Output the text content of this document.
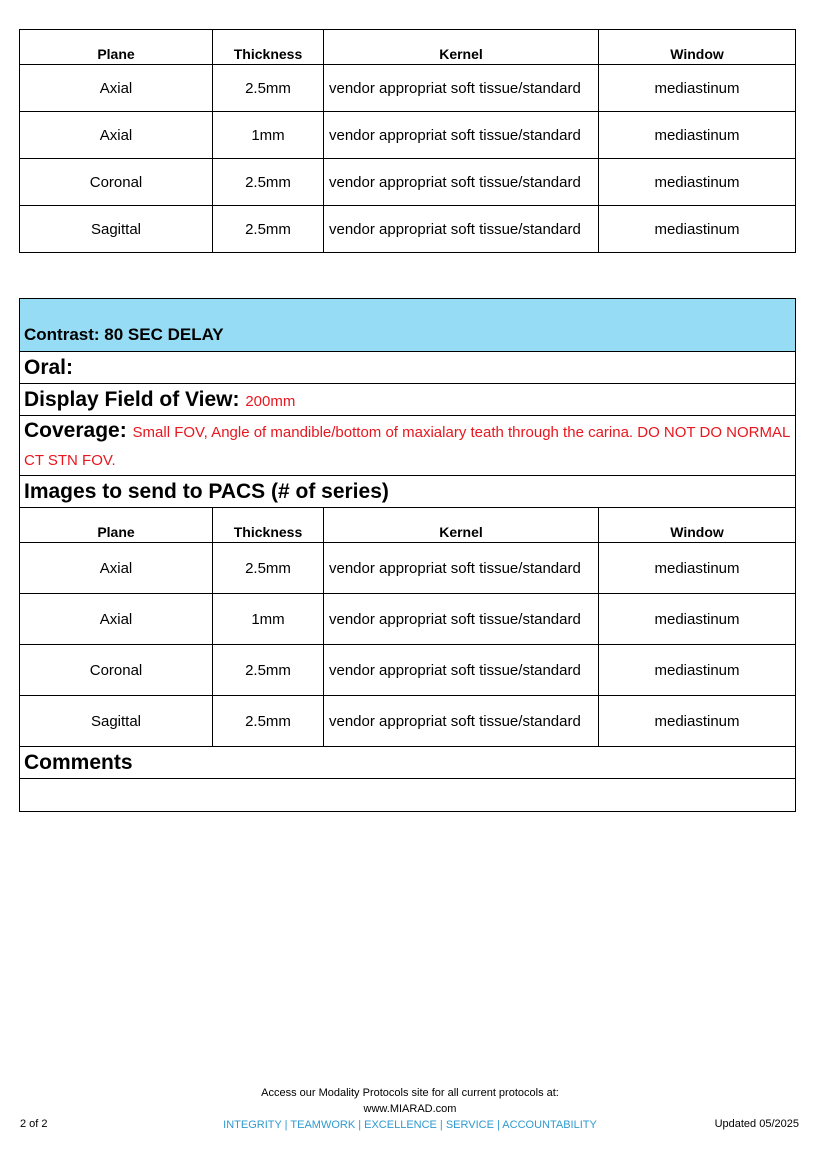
Plane	Thickness	Kernel	Window
Axial	2.5mm	vendor appropriat soft tissue/standard	mediastinum
Axial	1mm	vendor appropriat soft tissue/standard	mediastinum
Coronal	2.5mm	vendor appropriat soft tissue/standard	mediastinum
Sagittal	2.5mm	vendor appropriat soft tissue/standard	mediastinum
Contrast: 80 SEC DELAY			
Oral:			
Display Field of View: 200mm			
Coverage: Small FOV, Angle of mandible/bottom of maxialary teath through the carina. DO NOT DO NORMAL CT STN FOV.			
Images to send to PACS (# of series)			
Plane	Thickness	Kernel	Window
Axial	2.5mm	vendor appropriat soft tissue/standard	mediastinum
Axial	1mm	vendor appropriat soft tissue/standard	mediastinum
Coronal	2.5mm	vendor appropriat soft tissue/standard	mediastinum
Sagittal	2.5mm	vendor appropriat soft tissue/standard	mediastinum
Comments			

Access our Modality Protocols site for all current protocols at:
www.MIARAD.com
INTEGRITY | TEAMWORK | EXCELLENCE | SERVICE | ACCOUNTABILITY
2 of 2	Updated 05/2025
